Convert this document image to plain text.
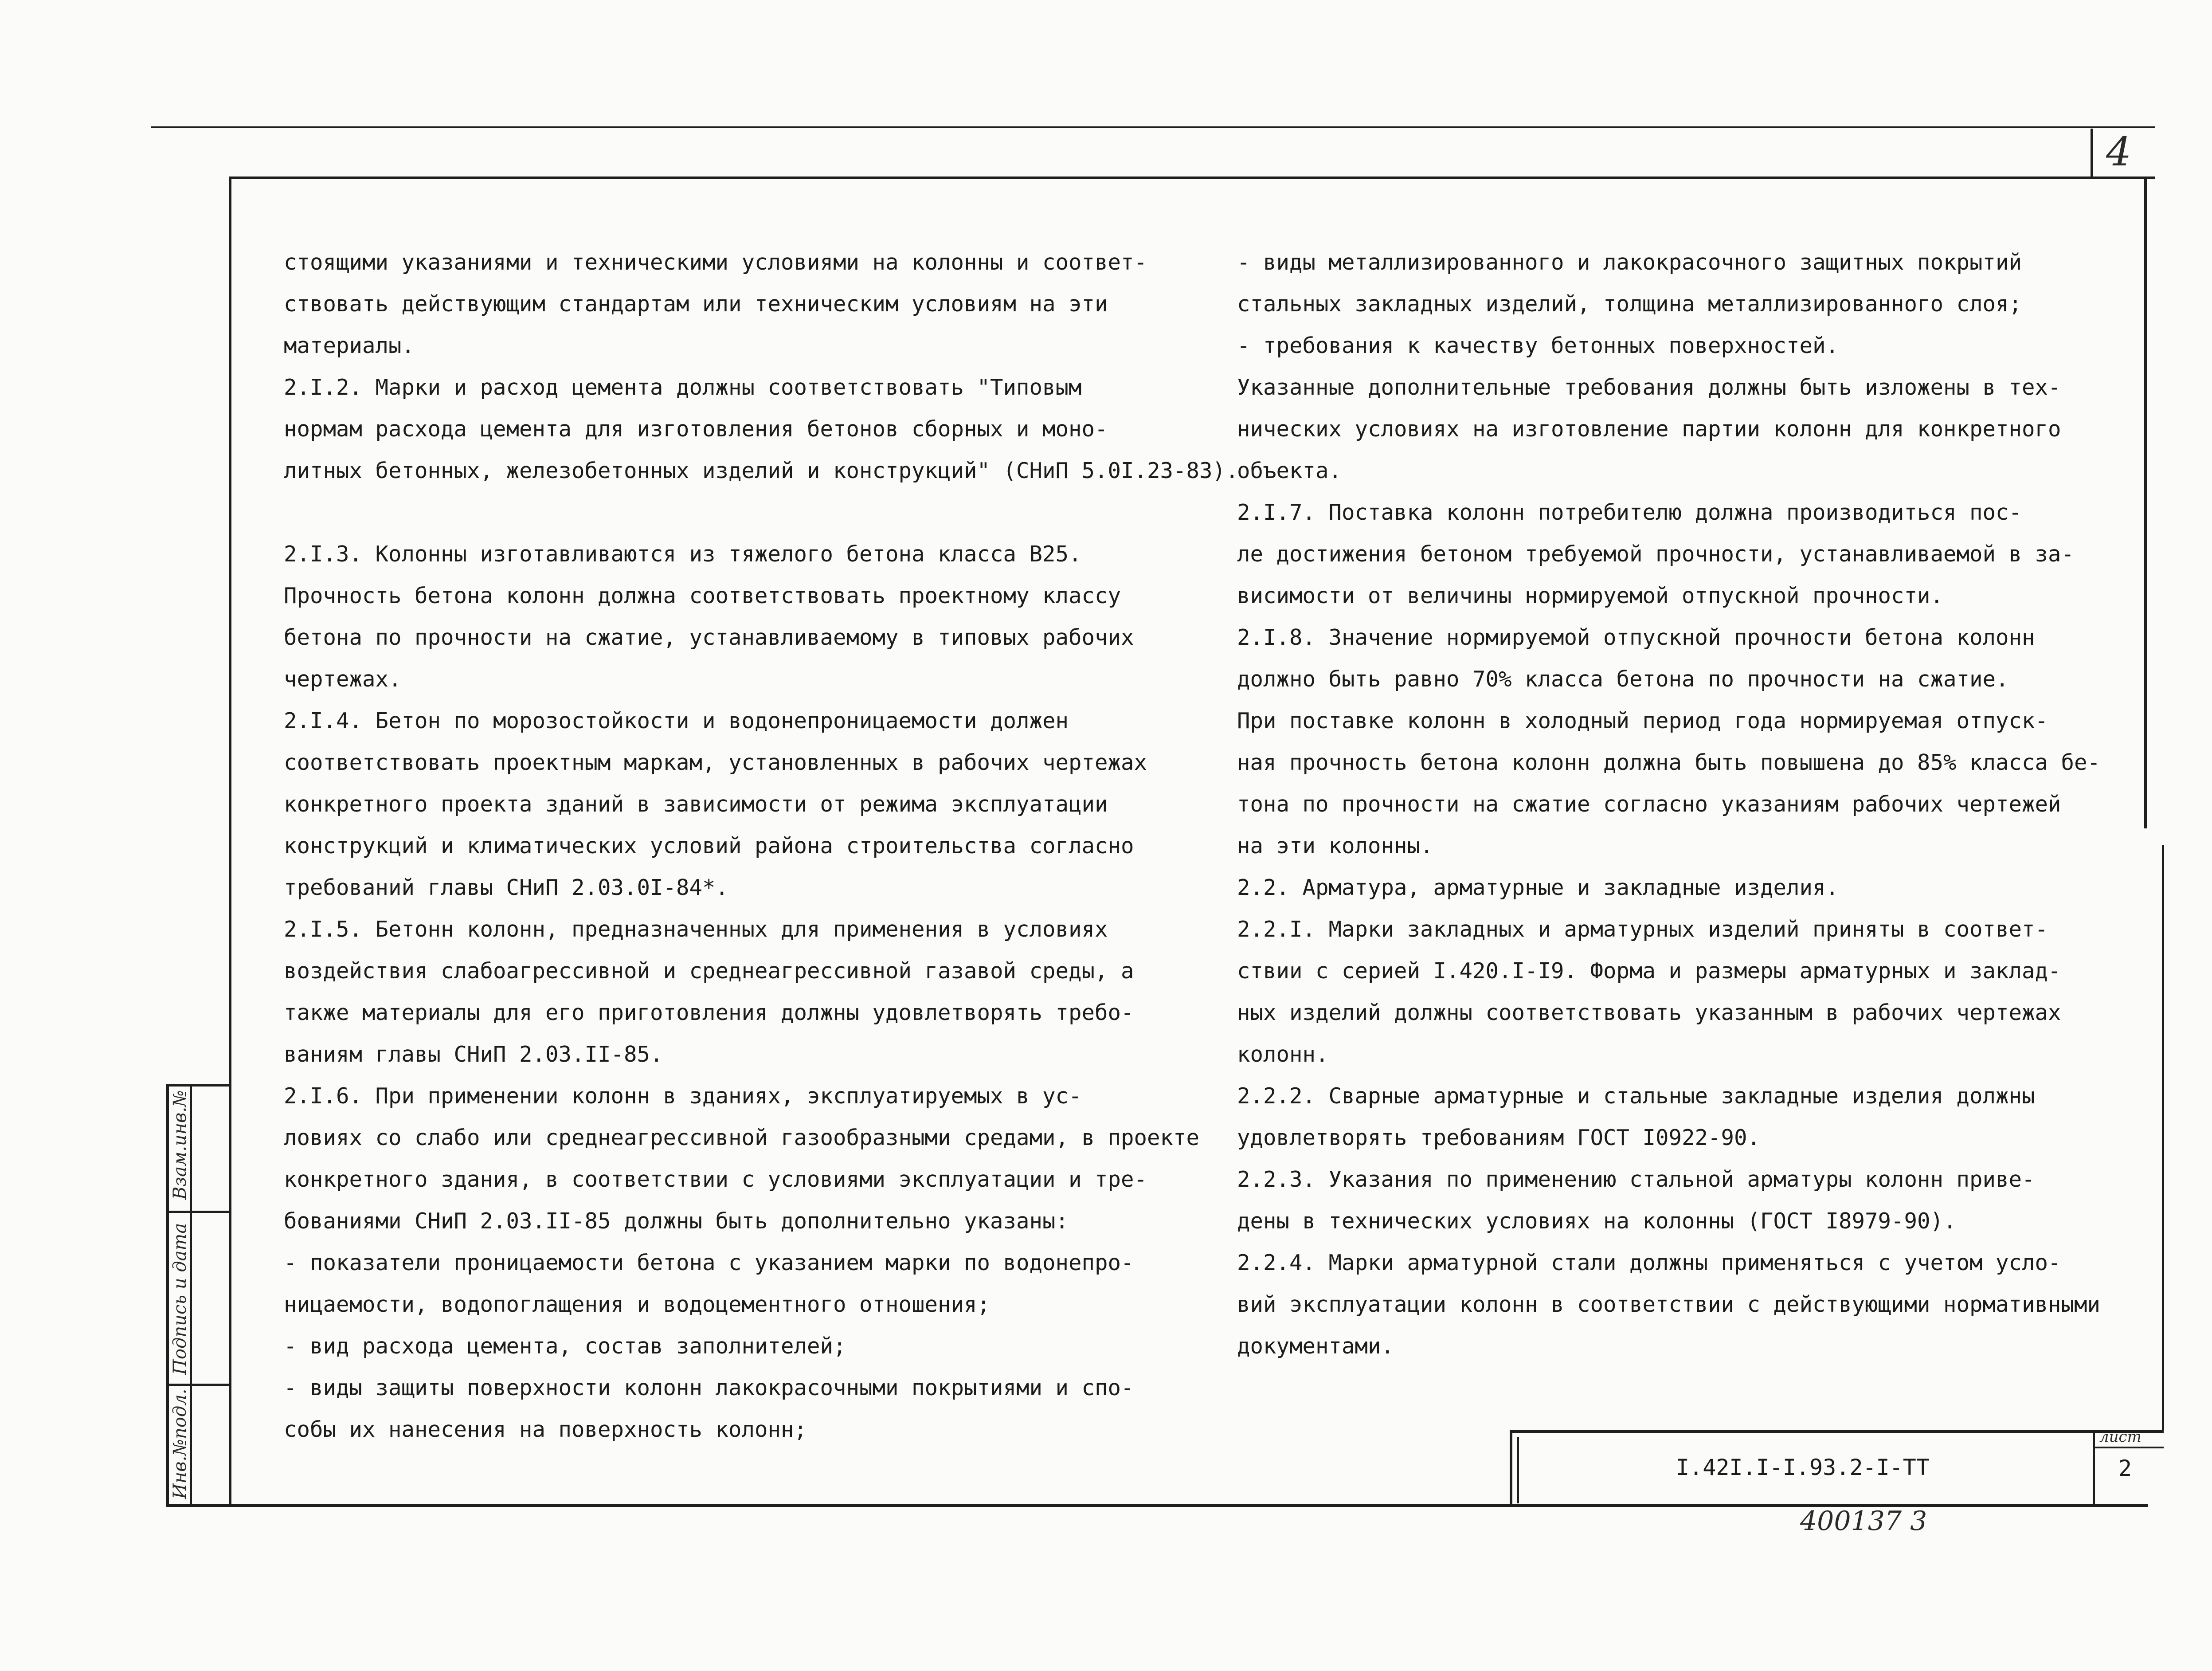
4
стоящими указаниями и техническими условиями на колонны и соответ-
ствовать действующим стандартам или техническим условиям на эти
материалы.
2.I.2. Марки и расход цемента должны соответствовать "Типовым
нормам расхода цемента для изготовления бетонов сборных и моно-
литных бетонных, железобетонных изделий и конструкций" (СНиП 5.0I.23-83).
2.I.3. Колонны изготавливаются из тяжелого бетона класса В25.
Прочность бетона колонн должна соответствовать проектному классу
бетона по прочности на сжатие, устанавливаемому в типовых рабочих
чертежах.
2.I.4. Бетон по морозостойкости и водонепроницаемости должен
соответствовать проектным маркам, установленных в рабочих чертежах
конкретного проекта зданий в зависимости от режима эксплуатации
конструкций и климатических условий района строительства согласно
требований главы СНиП 2.03.0I-84*.
2.I.5. Бетонн колонн, предназначенных для применения в условиях
воздействия слабоагрессивной и среднеагрессивной газавой среды, а
также материалы для его приготовления должны удовлетворять требо-
ваниям главы СНиП 2.03.II-85.
2.I.6. При применении колонн в зданиях, эксплуатируемых в ус-
ловиях со слабо или среднеагрессивной газообразными средами, в проекте
конкретного здания, в соответствии с условиями эксплуатации и тре-
бованиями СНиП 2.03.II-85 должны быть дополнительно указаны:
- показатели проницаемости бетона с указанием марки по водонепро-
ницаемости, водопоглащения и водоцементного отношения;
- вид расхода цемента, состав заполнителей;
- виды защиты поверхности колонн лакокрасочными покрытиями и спо-
собы их нанесения на поверхность колонн;
- виды металлизированного и лакокрасочного защитных покрытий
стальных закладных изделий, толщина металлизированного слоя;
- требования к качеству бетонных поверхностей.
Указанные дополнительные требования должны быть изложены в тех-
нических условиях на изготовление партии колонн для конкретного
объекта.
2.I.7. Поставка колонн потребителю должна производиться пос-
ле достижения бетоном требуемой прочности, устанавливаемой в за-
висимости от величины нормируемой отпускной прочности.
2.I.8. Значение нормируемой отпускной прочности бетона колонн
должно быть равно 70% класса бетона по прочности на сжатие.
При поставке колонн в холодный период года нормируемая отпуск-
ная прочность бетона колонн должна быть повышена до 85% класса бе-
тона по прочности на сжатие согласно указаниям рабочих чертежей
на эти колонны.
2.2. Арматура, арматурные и закладные изделия.
2.2.I. Марки закладных и арматурных изделий приняты в соответ-
ствии с серией I.420.I-I9. Форма и размеры арматурных и заклад-
ных изделий должны соответствовать указанным в рабочих чертежах
колонн.
2.2.2. Сварные арматурные и стальные закладные изделия должны
удовлетворять требованиям ГОСТ I0922-90.
2.2.3. Указания по применению стальной арматуры колонн приве-
дены в технических условиях на колонны (ГОСТ I8979-90).
2.2.4. Марки арматурной стали должны применяться с учетом усло-
вий эксплуатации колонн в соответствии с действующими нормативными
документами.
Взам.инв.№
Подпись и дата
Инв.№подл.	I.42I.I-I.93.2-I-TT
лист
2
400137 3
